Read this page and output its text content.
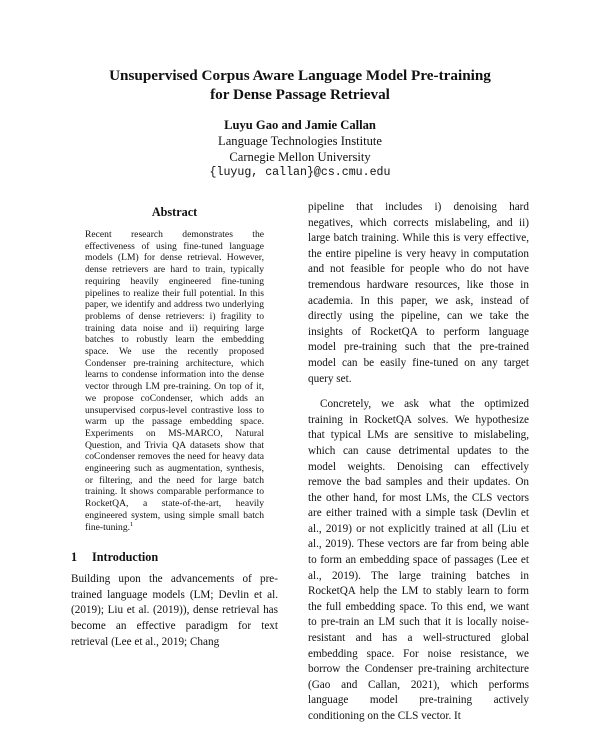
Unsupervised Corpus Aware Language Model Pre-training
for Dense Passage Retrieval
Luyu Gao and Jamie Callan
Language Technologies Institute
Carnegie Mellon University
{luyug, callan}@cs.cmu.edu
Abstract

Recent research demonstrates the effectiveness of using fine-tuned language models (LM) for dense retrieval. However, dense retrievers are hard to train, typically requiring heavily engineered fine-tuning pipelines to realize their full potential. In this paper, we identify and address two underlying problems of dense retrievers: i) fragility to training data noise and ii) requiring large batches to robustly learn the embedding space. We use the recently proposed Condenser pre-training architecture, which learns to condense information into the dense vector through LM pre-training. On top of it, we propose coCondenser, which adds an unsupervised corpus-level contrastive loss to warm up the passage embedding space. Experiments on MS-MARCO, Natural Question, and Trivia QA datasets show that coCondenser removes the need for heavy data engineering such as augmentation, synthesis, or filtering, and the need for large batch training. It shows comparable performance to RocketQA, a state-of-the-art, heavily engineered system, using simple small batch fine-tuning.$^1$

1 Introduction

Building upon the advancements of pre-trained language models (LM; Devlin et al. (2019); Liu et al. (2019)), dense retrieval has become an effective paradigm for text retrieval (Lee et al., 2019; Chang

pipeline that includes i) denoising hard negatives, which corrects mislabeling, and ii) large batch training. While this is very effective, the entire pipeline is very heavy in computation and not feasible for people who do not have tremendous hardware resources, like those in academia. In this paper, we ask, instead of directly using the pipeline, can we take the insights of RocketQA to perform language model pre-training such that the pre-trained model can be easily fine-tuned on any target query set.

Concretely, we ask what the optimized training in RocketQA solves. We hypothesize that typical LMs are sensitive to mislabeling, which can cause detrimental updates to the model weights. Denoising can effectively remove the bad samples and their updates. On the other hand, for most LMs, the CLS vectors are either trained with a simple task (Devlin et al., 2019) or not explicitly trained at all (Liu et al., 2019). These vectors are far from being able to form an embedding space of passages (Lee et al., 2019). The large training batches in RocketQA help the LM to stably learn to form the full embedding space. To this end, we want to pre-train an LM such that it is locally noise-resistant and has a well-structured global embedding space. For noise resistance, we borrow the Condenser pre-training architecture (Gao and Callan, 2021), which performs language model pre-training actively conditioning on the CLS vector. It
